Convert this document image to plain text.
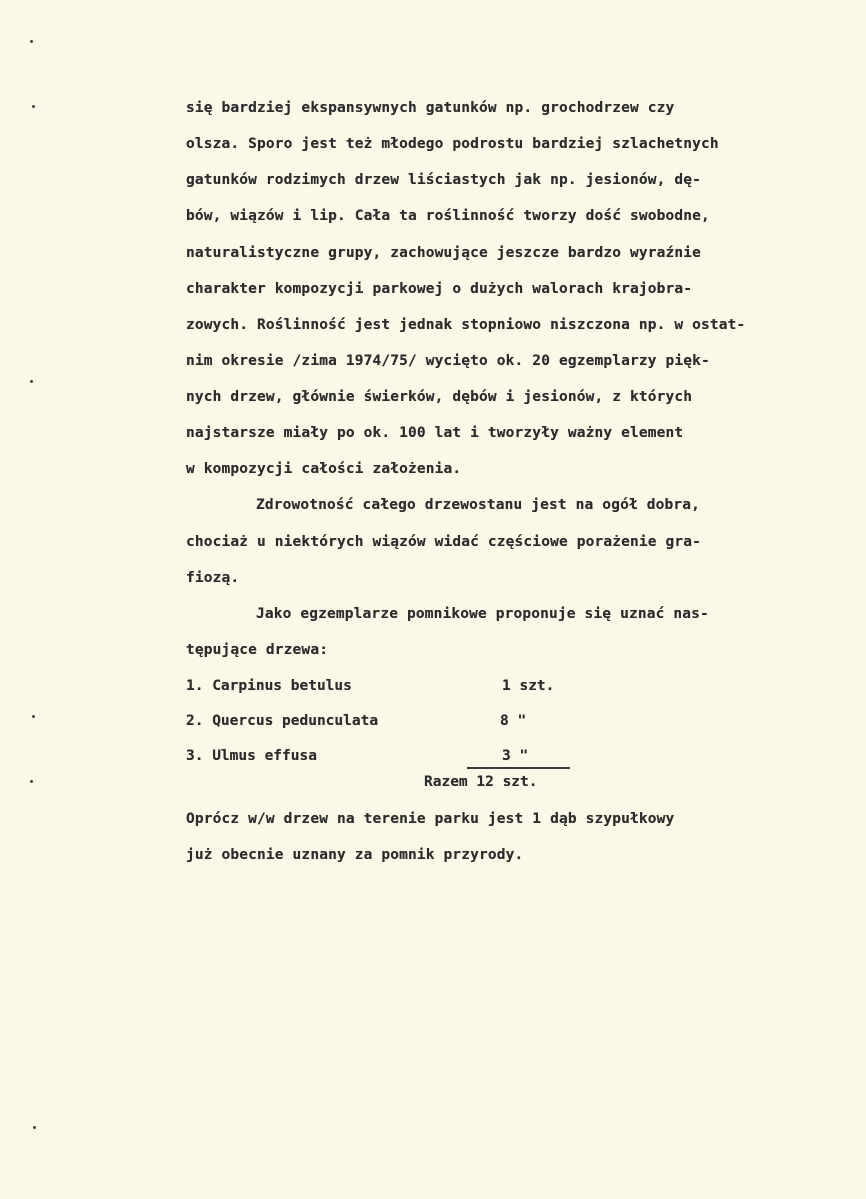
się bardziej ekspansywnych gatunków np. grochodrzew czy
olsza. Sporo jest też młodego podrostu bardziej szlachetnych
gatunków rodzimych drzew liściastych jak np. jesionów, dę-
bów, wiązów i lip. Cała ta roślinność tworzy dość swobodne,
naturalistyczne grupy, zachowujące jeszcze bardzo wyraźnie
charakter kompozycji parkowej o dużych walorach krajobra-
zowych. Roślinność jest jednak stopniowo niszczona np. w ostat-
nim okresie /zima 1974/75/ wycięto ok. 20 egzemplarzy pięk-
nych drzew, głównie świerków, dębów i jesionów, z których
najstarsze miały po ok. 100 lat i tworzyły ważny element
w kompozycji całości założenia.
Zdrowotność całego drzewostanu jest na ogół dobra,
chociaż u niektórych wiązów widać częściowe porażenie gra-
fiozą.
Jako egzemplarze pomnikowe proponuje się uznać nas-
tępujące drzewa:
1. Carpinus betulus	1 szt.
2. Quercus pedunculata	8 "
3. Ulmus effusa	3 "
Razem 12 szt.
Oprócz w/w drzew na terenie parku jest 1 dąb szypułkowy
już obecnie uznany za pomnik przyrody.
